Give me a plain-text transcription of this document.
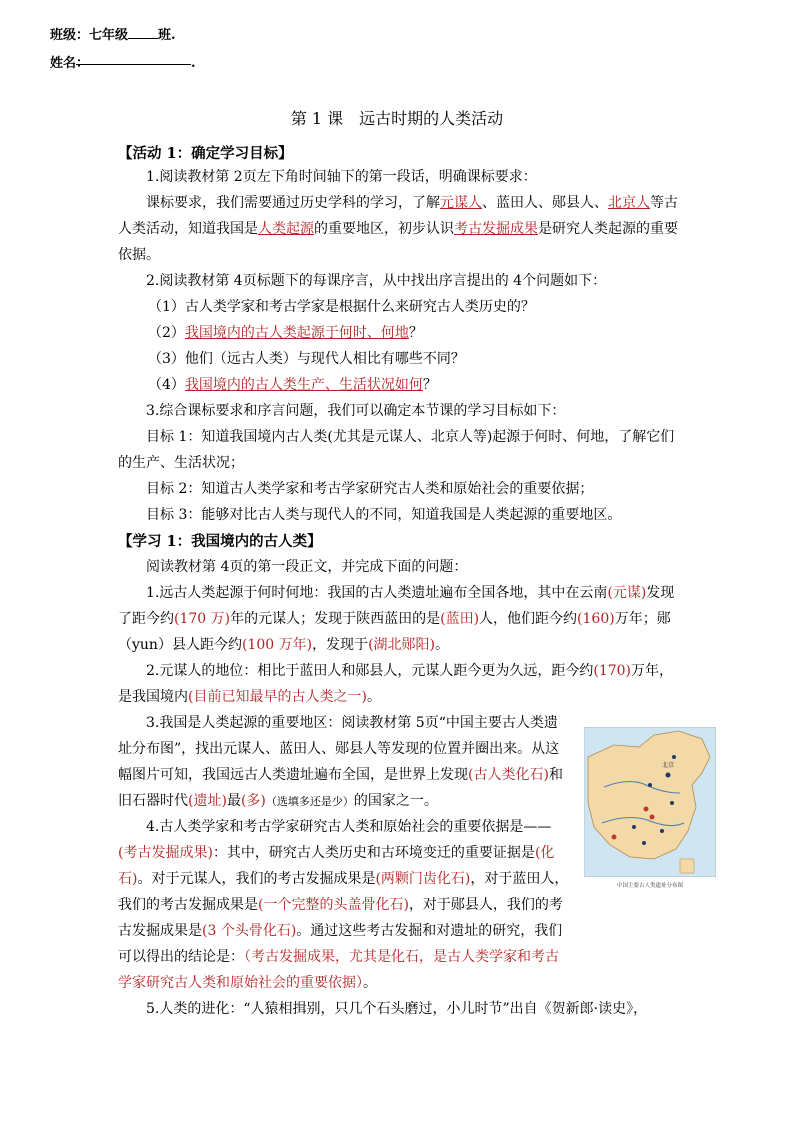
班级：七年级 班.
姓名：	.
第 1 课　远古时期的人类活动
【活动 1：确定学习目标】
1.阅读教材第 2页左下角时间轴下的第一段话，明确课标要求：
课标要求，我们需要通过历史学科的学习，了解元谋人、蓝田人、郧县人、北京人等古人类活动，知道我国是人类起源的重要地区，初步认识考古发掘成果是研究人类起源的重要依据。
2.阅读教材第 4页标题下的每课序言，从中找出序言提出的 4个问题如下：
（1）古人类学家和考古学家是根据什么来研究古人类历史的？
（2）我国境内的古人类起源于何时、何地？
（3）他们（远古人类）与现代人相比有哪些不同？
（4）我国境内的古人类生产、生活状况如何？
3.综合课标要求和序言问题，我们可以确定本节课的学习目标如下：
目标 1：知道我国境内古人类(尤其是元谋人、北京人等)起源于何时、何地，了解它们的生产、生活状况；
目标 2：知道古人类学家和考古学家研究古人类和原始社会的重要依据；
目标 3：能够对比古人类与现代人的不同，知道我国是人类起源的重要地区。
【学习 1：我国境内的古人类】
阅读教材第 4页的第一段正文，并完成下面的问题：
1.远古人类起源于何时何地：我国的古人类遗址遍布全国各地，其中在云南(元谋)发现了距今约(170 万)年的元谋人；发现于陕西蓝田的是(蓝田)人，他们距今约(160)万年；郧（yun）县人距今约(100 万年)，发现于(湖北郧阳)。
2.元谋人的地位：相比于蓝田人和郧县人，元谋人距今更为久远，距今约(170)万年，是我国境内(目前已知最早的古人类之一)。
3.我国是人类起源的重要地区：阅读教材第 5页“中国主要古人类遗址分布图”，找出元谋人、蓝田人、郧县人等发现的位置并圈出来。从这幅图片可知，我国远古人类遗址遍布全国，是世界上发现(古人类化石)和旧石器时代(遗址)最(多)（选填多还是少）的国家之一。
4.古人类学家和考古学家研究古人类和原始社会的重要依据是——(考古发掘成果)：其中，研究古人类历史和古环境变迁的重要证据是(化石)。对于元谋人，我们的考古发掘成果是(两颗门齿化石)，对于蓝田人，我们的考古发掘成果是(一个完整的头盖骨化石)，对于郧县人，我们的考古发掘成果是(3 个头骨化石)。通过这些考古发掘和对遗址的研究，我们可以得出的结论是：（考古发掘成果，尤其是化石，是古人类学家和考古学家研究古人类和原始社会的重要依据）。
5.人类的进化：“人猿相揖别，只几个石头磨过，小儿时节”出自《贺新郎·读史》，
北京
中国主要古人类遗址分布图
